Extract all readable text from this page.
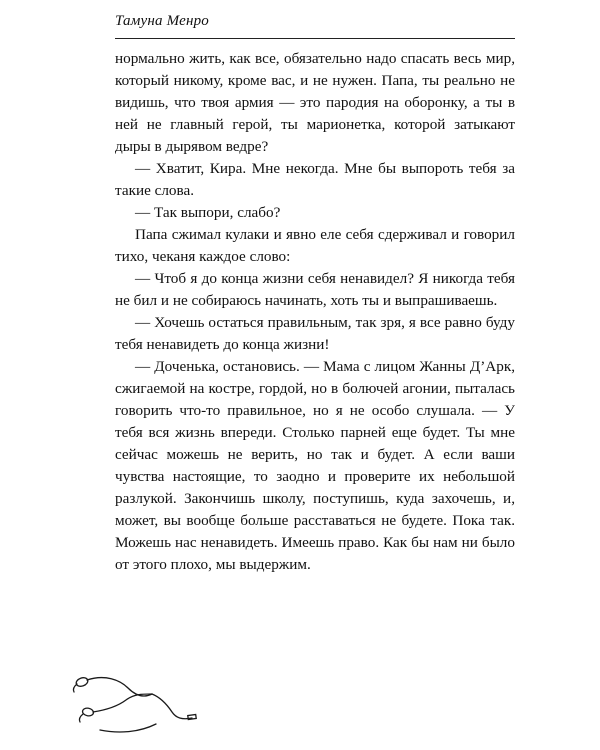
Тамуна Менро

нормально жить, как все, обязательно надо спасать весь мир, который никому, кроме вас, и не нужен. Папа, ты реально не видишь, что твоя армия — это пародия на оборонку, а ты в ней не главный герой, ты марионетка, которой затыкают дыры в дырявом ведре?

— Хватит, Кира. Мне некогда. Мне бы выпороть тебя за такие слова.

— Так выпори, слабо?

Папа сжимал кулаки и явно еле себя сдерживал и говорил тихо, чеканя каждое слово:

— Чтоб я до конца жизни себя ненавидел? Я никогда тебя не бил и не собираюсь начинать, хоть ты и выпрашиваешь.

— Хочешь остаться правильным, так зря, я все равно буду тебя ненавидеть до конца жизни!

— Доченька, остановись. — Мама с лицом Жанны Д’Арк, сжигаемой на костре, гордой, но в болючей агонии, пыталась говорить что-то правильное, но я не особо слушала. — У тебя вся жизнь впереди. Столько парней еще будет. Ты мне сейчас можешь не верить, но так и будет. А если ваши чувства настоящие, то заодно и проверите их небольшой разлукой. Закончишь школу, поступишь, куда захочешь, и, может, вы вообще больше расставаться не будете. Пока так. Можешь нас ненавидеть. Имеешь право. Как бы нам ни было от этого плохо, мы выдержим.
